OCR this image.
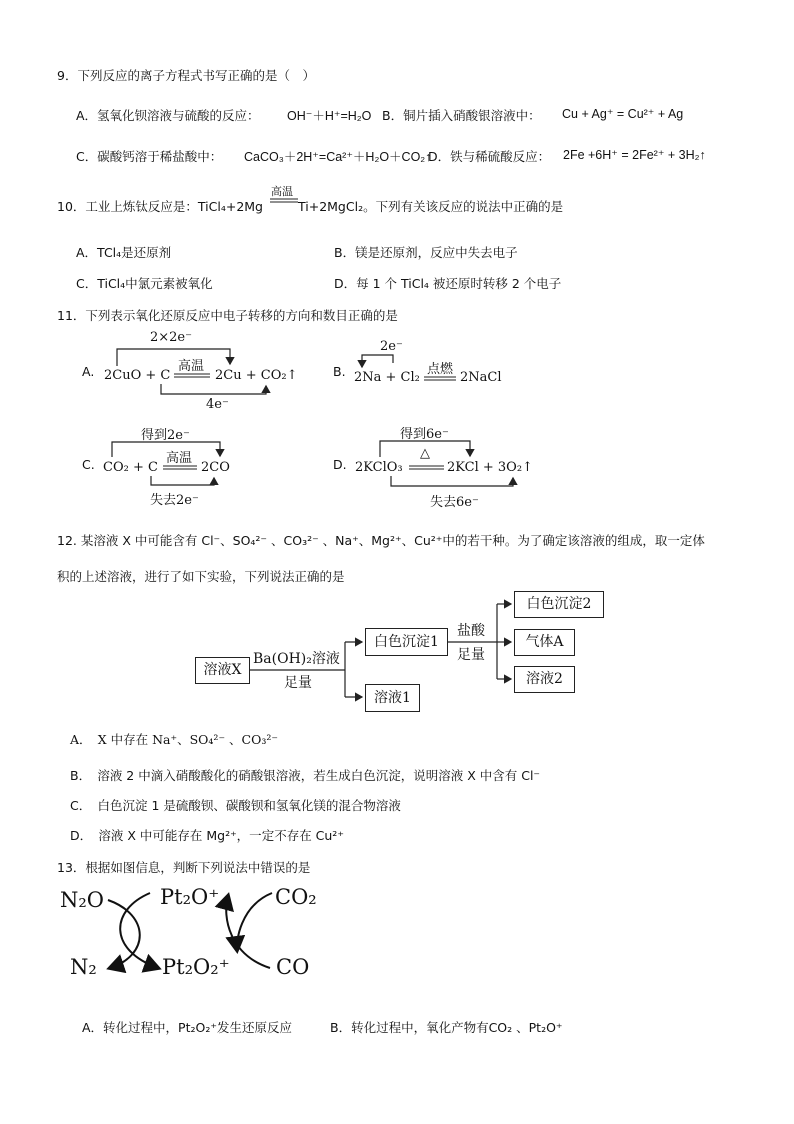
9．下列反应的离子方程式书写正确的是（　）
A．氢氧化钡溶液与硫酸的反应： OH⁻＋H⁺=H₂O B．铜片插入硝酸银溶液中： Cu + Ag⁺ = Cu²⁺ + Ag
C．碳酸钙溶于稀盐酸中： CaCO₃＋2H⁺=Ca²⁺＋H₂O＋CO₂↑
D．铁与稀硫酸反应： 2Fe +6H⁺ = 2Fe²⁺ + 3H₂↑
10．工业上炼钛反应是：TiCl₄+2Mg
高温
Ti+2MgCl₂。下列有关该反应的说法中正确的是
A．TCl₄是还原剂	B．镁是还原剂，反应中失去电子
C．TiCl₄中氯元素被氧化	D．每 1 个 TiCl₄ 被还原时转移 2 个电子
11．下列表示氧化还原反应中电子转移的方向和数目正确的是
A.
2×2e⁻
2CuO + C
高温
2Cu + CO₂↑
4e⁻
B.
2e⁻
2Na + Cl₂
点燃
2NaCl
C.
得到2e⁻
CO₂ + C
高温
2CO
失去2e⁻
D.
得到6e⁻
2KClO₃
△
2KCl + 3O₂↑
失去6e⁻
12. 某溶液 X 中可能含有 Cl⁻、SO₄²⁻ 、CO₃²⁻ 、Na⁺、Mg²⁺、Cu²⁺中的若干种。为了确定该溶液的组成，取一定体
积的上述溶液，进行了如下实验，下列说法正确的是
溶液X
Ba(OH)₂溶液
足量
白色沉淀1
溶液1
盐酸
足量
白色沉淀2
气体A
溶液2
A．　X 中存在 Na⁺、SO₄²⁻ 、CO₃²⁻
B．　溶液 2 中滴入硝酸酸化的硝酸银溶液，若生成白色沉淀，说明溶液 X 中含有 Cl⁻
C．　白色沉淀 1 是硫酸钡、碳酸钡和氢氧化镁的混合物溶液
D．　溶液 X 中可能存在 Mg²⁺，一定不存在 Cu²⁺
13．根据如图信息，判断下列说法中错误的是
N₂O
N₂
Pt₂O⁺
Pt₂O₂⁺
CO₂
CO
A．转化过程中，Pt₂O₂⁺发生还原反应	B．转化过程中，氧化产物有CO₂ 、Pt₂O⁺
